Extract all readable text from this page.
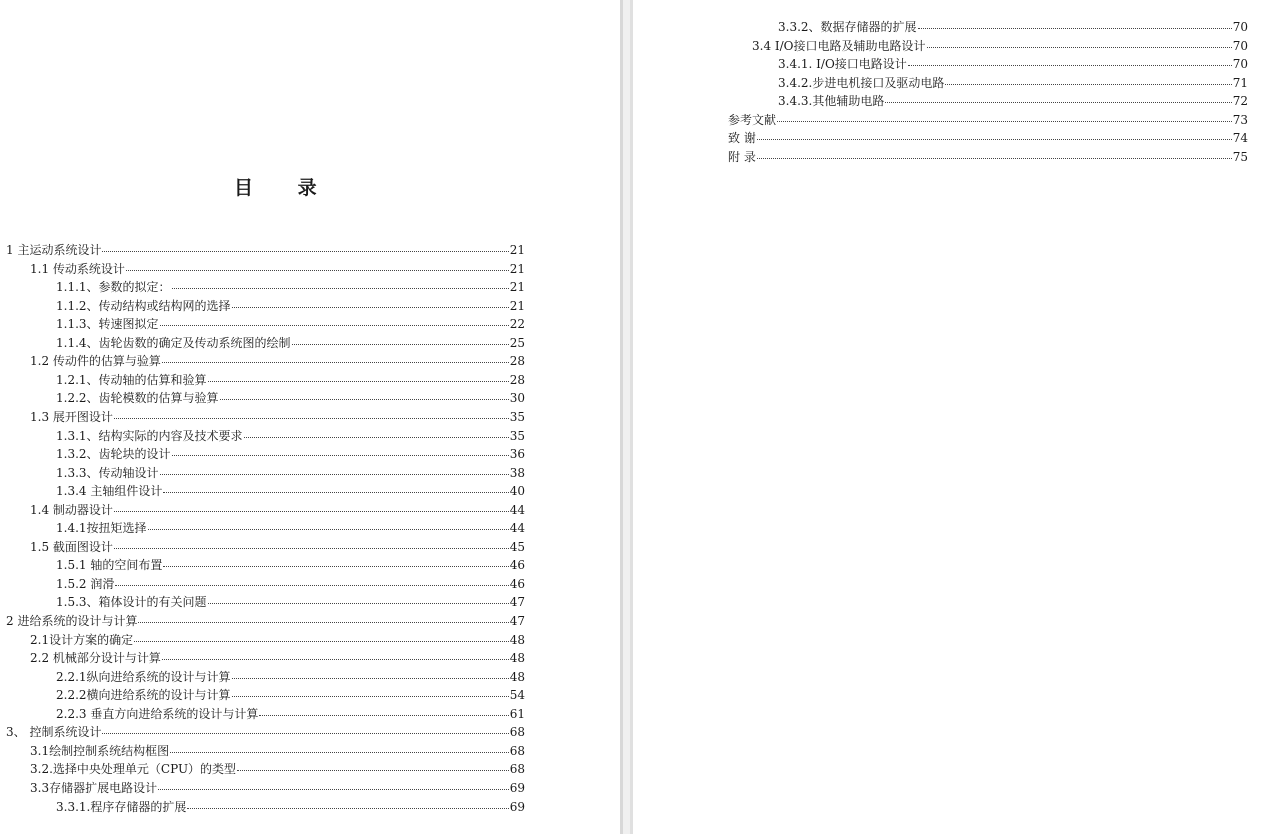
目 录
1 主运动系统设计	21
1.1 传动系统设计	21
1.1.1、参数的拟定：	21
1.1.2、传动结构或结构网的选择	21
1.1.3、转速图拟定	22
1.1.4、齿轮齿数的确定及传动系统图的绘制	25
1.2 传动件的估算与验算	28
1.2.1、传动轴的估算和验算	28
1.2.2、齿轮模数的估算与验算	30
1.3 展开图设计	35
1.3.1、结构实际的内容及技术要求	35
1.3.2、齿轮块的设计	36
1.3.3、传动轴设计	38
1.3.4 主轴组件设计	40
1.4 制动器设计	44
1.4.1按扭矩选择	44
1.5 截面图设计	45
1.5.1 轴的空间布置	46
1.5.2 润滑	46
1.5.3、箱体设计的有关问题	47
2 进给系统的设计与计算	47
2.1设计方案的确定	48
2.2 机械部分设计与计算	48
2.2.1纵向进给系统的设计与计算	48
2.2.2横向进给系统的设计与计算	54
2.2.3 垂直方向进给系统的设计与计算	61
3、 控制系统设计	68
3.1绘制控制系统结构框图	68
3.2.选择中央处理单元（CPU）的类型	68
3.3存储器扩展电路设计	69
3.3.1.程序存储器的扩展	69
3.3.2、数据存储器的扩展	70
3.4 I/O接口电路及辅助电路设计	70
3.4.1. I/O接口电路设计	70
3.4.2.步进电机接口及驱动电路	71
3.4.3.其他辅助电路	72
参考文献	73
致 谢	74
附 录	75
